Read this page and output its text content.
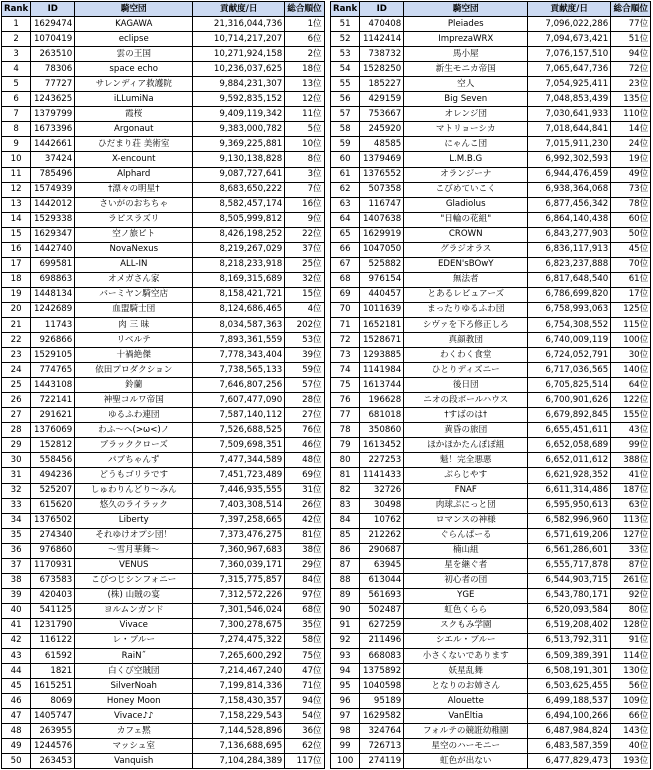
Rank	ID	騎空団	貢献度/日	総合順位
1	1629474	KAGAWA	21,316,044,736	1位
2	1070419	eclipse	10,714,217,207	6位
3	263510	雲の王国	10,271,924,158	2位
4	78306	space echo	10,236,037,625	18位
5	77727	サレンディア救護院	9,884,231,307	13位
6	1243625	iLLumiNa	9,592,835,152	12位
7	1379799	霞桜	9,409,119,342	11位
8	1673396	Argonaut	9,383,000,782	5位
9	1442661	ひだまり荘 美術室	9,369,225,881	10位
10	37424	X-encount	9,130,138,828	8位
11	785496	Alphard	9,087,727,641	3位
12	1574939	†漂々の明星†	8,683,650,222	7位
13	1442012	さいがのおちちゃ	8,582,457,174	16位
14	1529338	ラピスラズリ	8,505,999,812	9位
15	1629347	空ノ旅ビト	8,426,198,252	22位
16	1442740	NovaNexus	8,219,267,029	37位
17	699581	ALL-IN	8,218,233,918	25位
18	698863	オメガさん家	8,169,315,689	32位
19	1448134	バーミヤン騎空店	8,158,421,721	15位
20	1242689	血盟騎士団	8,124,686,465	4位
21	11743	肉 三 昧	8,034,587,363	202位
22	926866	リベルテ	7,893,361,559	53位
23	1529105	十禍絶傑	7,778,343,404	39位
24	774765	依田プロダクション	7,738,565,133	59位
25	1443108	鈴蘭	7,646,807,256	57位
26	722141	神聖コルワ帝国	7,607,477,090	28位
27	291621	ゆるふわ連団	7,587,140,112	27位
28	1376069	わふ～ヘ(>ω<)ノ	7,526,688,525	76位
29	152812	ブラッククローズ	7,509,698,351	46位
30	558456	パブちゃんず	7,477,344,589	48位
31	494236	どうもゴリラです	7,451,723,489	69位
32	525207	しゅわりんどり～みん	7,446,935,555	31位
33	615620	悠久のライラック	7,403,308,514	26位
34	1376502	Liberty	7,397,258,665	42位
35	274340	それゆけオプシ団！	7,373,476,275	81位
36	976860	～雪月華舞～	7,360,967,683	38位
37	1170931	VENUS	7,360,039,171	29位
38	673583	こびつじシンフォニー	7,315,775,857	84位
39	420403	(株) 山賊の宴	7,312,572,226	97位
40	541125	ヨルムンガンド	7,301,546,024	68位
41	1231790	Vivace	7,300,278,675	35位
42	116122	レ・ブルー	7,274,475,322	58位
43	61592	RaiN˝	7,265,600,292	75位
44	1821	白くび空賊団	7,214,467,240	47位
45	1615251	SilverNoah	7,199,814,336	71位
46	8069	Honey Moon	7,158,430,357	94位
47	1405747	Vivace♪♪	7,158,229,543	54位
48	263955	カフェ黙	7,144,528,896	36位
49	1244576	マッシュ室	7,136,688,695	62位
50	263453	Vanquish	7,104,284,389	117位
Rank	ID	騎空団	貢献度/日	総合順位
51	470408	Pleiades	7,096,022,286	77位
52	1142414	ImprezaWRX	7,094,673,421	51位
53	738732	馬小屋	7,076,157,510	94位
54	1528250	新生モニカ帝国	7,065,647,736	72位
55	185227	空人	7,054,925,411	23位
56	429159	Big Seven	7,048,853,439	135位
57	753667	オレンジ団	7,030,641,933	110位
58	245920	マトリョーシカ	7,018,644,841	14位
59	48585	にゃんこ団	7,015,911,230	24位
60	1379469	L.M.B.G	6,992,302,593	19位
61	1376552	オランジーナ	6,944,476,459	49位
62	507358	こびめていこく	6,938,364,068	73位
63	116747	Gladiolus	6,877,456,342	78位
64	1407638	"日輪の花組"	6,864,140,438	60位
65	1629919	CROWN	6,843,277,903	50位
66	1047050	グラジオラス	6,836,117,913	45位
67	525882	EDEN'sBOwY	6,823,237,888	70位
68	976154	無法者	6,817,648,540	61位
69	440457	とあるレビュアーズ	6,786,699,820	17位
70	1011639	まったりゆるふわ団	6,758,993,063	125位
71	1652181	シヴァを下ろ修正しろ	6,754,308,552	115位
72	1528671	真顔教団	6,740,009,119	100位
73	1293885	わくわく食堂	6,724,052,791	30位
74	1141984	ひとりディズニー	6,717,036,565	140位
75	1613744	後日団	6,705,825,514	64位
76	196628	ニオの段ボールハウス	6,700,901,626	122位
77	681018	†すばのは†	6,679,892,845	155位
78	350860	黄昏の旅団	6,655,451,611	43位
79	1613452	ほかほかたんぽぽ組	6,652,058,689	99位
80	227253	魁！完全悪悪	6,652,011,612	388位
81	1141433	ぶらじやす	6,621,928,352	41位
82	32726	FNAF	6,611,314,486	187位
83	30498	肉球ぷにっと団	6,595,950,613	63位
84	10762	ロマンスの神様	6,582,996,960	113位
85	212262	ぐらんぱーる	6,571,619,206	127位
86	290687	楠山組	6,561,286,601	33位
87	63945	星を継ぐ者	6,555,717,878	87位
88	613044	初心者の団	6,544,903,715	261位
89	561693	YGE	6,543,780,171	92位
90	502487	虹色くらら	6,520,093,584	80位
91	627259	スクもみ学園	6,519,208,402	128位
92	211496	シエル・ブルー	6,513,792,311	91位
93	668083	小さくないであります	6,509,389,391	114位
94	1375892	妖星乱舞	6,508,191,301	130位
95	1040598	となりのお姉さん	6,503,625,455	56位
96	95189	Alouette	6,499,188,537	109位
97	1629582	VanEltia	6,494,100,266	66位
98	324764	フォルテの競誑幼稚園	6,487,984,824	143位
99	726713	星空のハーモニー	6,483,587,359	40位
100	274119	虹色が出ない	6,477,829,473	193位
